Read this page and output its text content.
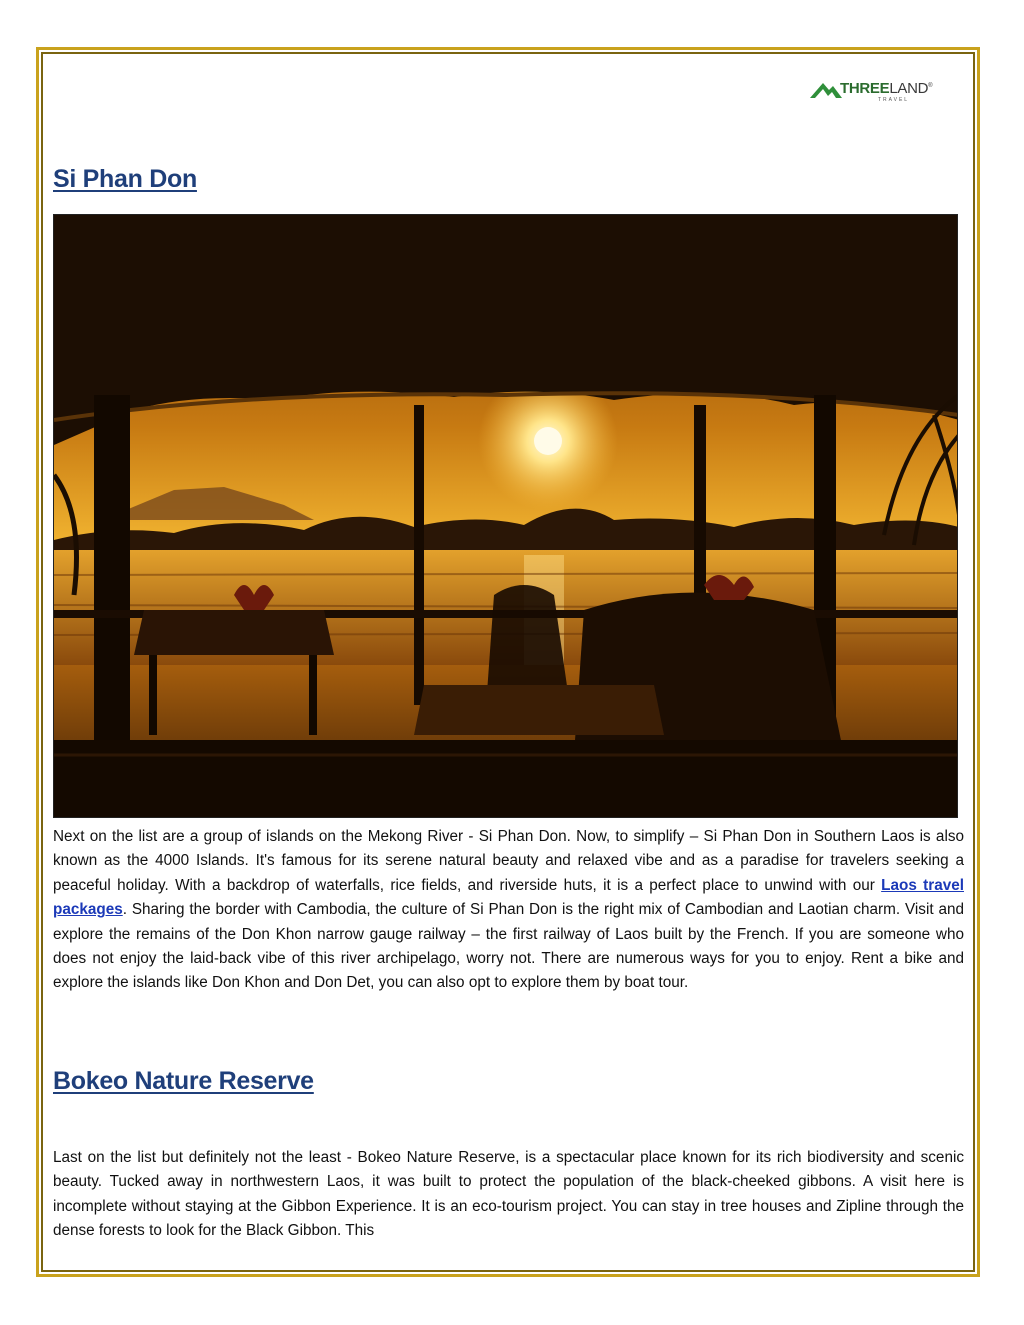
THREELAND®
TRAVEL
Si Phan Don
Next on the list are a group of islands on the Mekong River - Si Phan Don. Now, to simplify – Si Phan Don in Southern Laos is also known as the 4000 Islands. It's famous for its serene natural beauty and relaxed vibe and as a paradise for travelers seeking a peaceful holiday. With a backdrop of waterfalls, rice fields, and riverside huts, it is a perfect place to unwind with our Laos travel packages. Sharing the border with Cambodia, the culture of Si Phan Don is the right mix of Cambodian and Laotian charm. Visit and explore the remains of the Don Khon narrow gauge railway – the first railway of Laos built by the French. If you are someone who does not enjoy the laid-back vibe of this river archipelago, worry not. There are numerous ways for you to enjoy. Rent a bike and explore the islands like Don Khon and Don Det, you can also opt to explore them by boat tour.
Bokeo Nature Reserve
Last on the list but definitely not the least - Bokeo Nature Reserve, is a spectacular place known for its rich biodiversity and scenic beauty. Tucked away in northwestern Laos, it was built to protect the population of the black-cheeked gibbons. A visit here is incomplete without staying at the Gibbon Experience. It is an eco-tourism project. You can stay in tree houses and Zipline through the dense forests to look for the Black Gibbon. This
